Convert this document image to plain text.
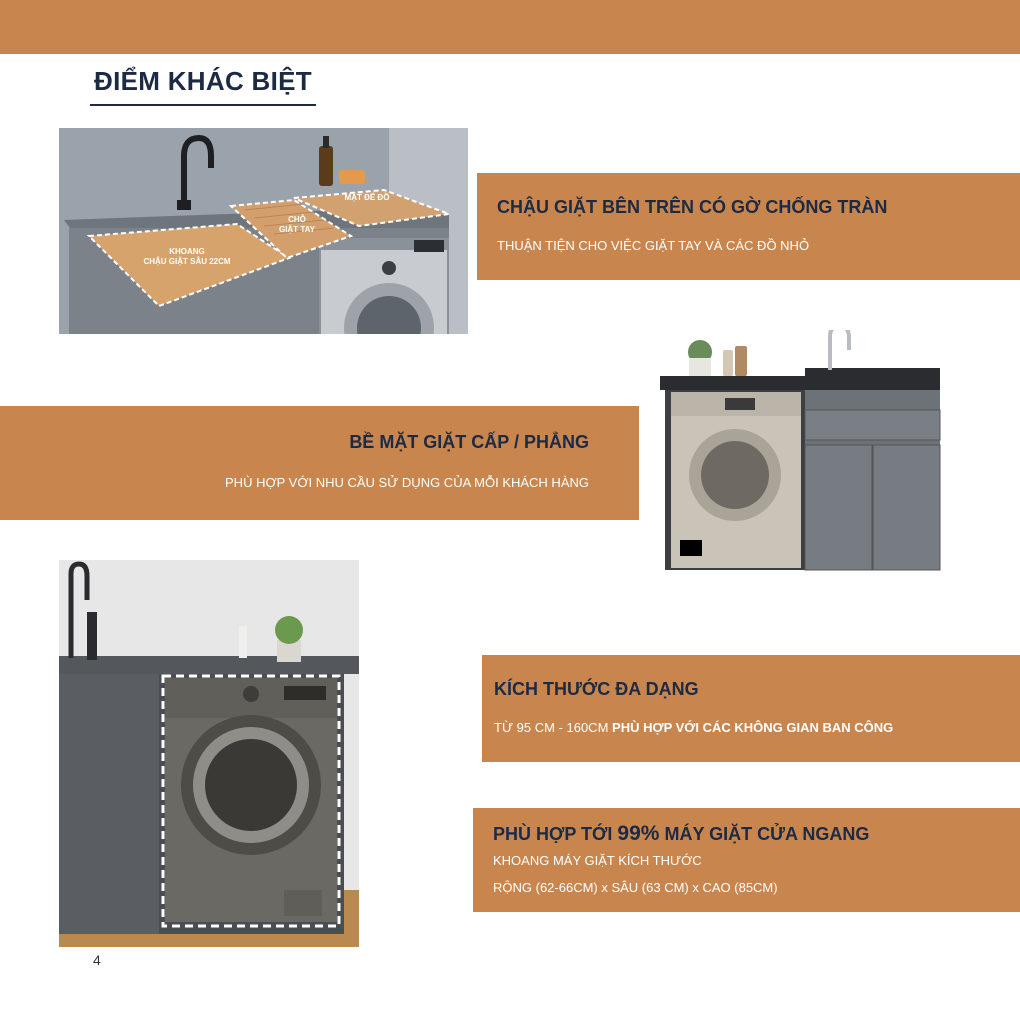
ĐIỂM KHÁC BIỆT
KHOANG
CHẬU GIẶT SÂU 22CM
CHỖ
GIẶT TAY
MẶT ĐỂ ĐỒ	CHẬU GIẶT BÊN TRÊN CÓ GỜ CHỐNG TRÀN
THUẬN TIỆN CHO VIỆC GIẶT TAY VÀ CÁC ĐỒ NHỎ
BỀ MẶT GIẶT CẤP / PHẲNG
PHÙ HỢP VỚI NHU CẦU SỬ DỤNG CỦA MỖI KHÁCH HÀNG
KÍCH THƯỚC ĐA DẠNG
TỪ 95 CM - 160CM PHÙ HỢP VỚI CÁC KHÔNG GIAN BAN CÔNG
PHÙ HỢP TỚI 99% MÁY GIẶT CỬA NGANG
KHOANG MÁY GIẶT KÍCH THƯỚC
RỘNG (62-66CM) x SÂU (63 CM) x CAO (85CM)
4
